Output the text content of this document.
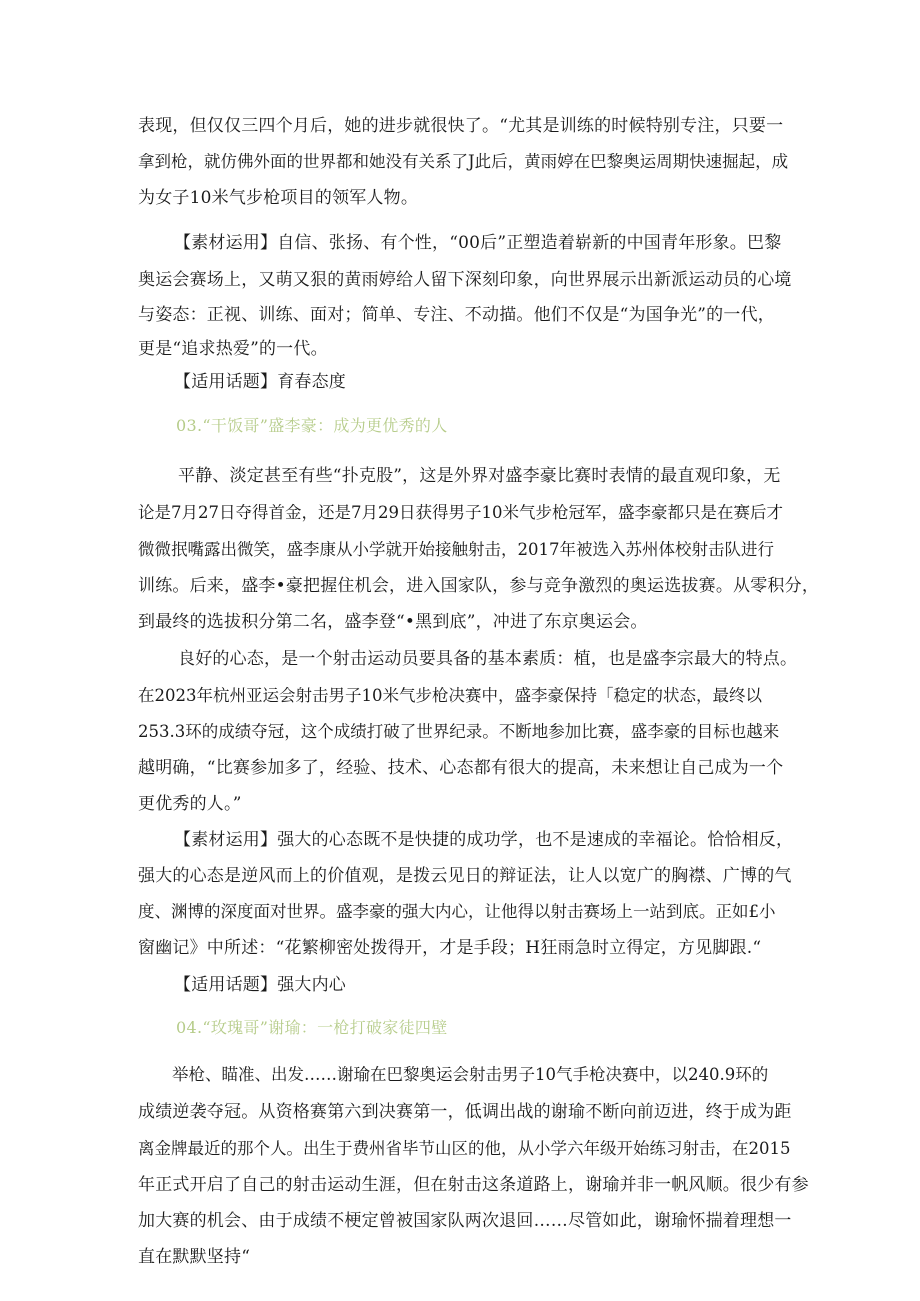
表现，但仅仅三四个月后，她的进步就很快了。“尤其是训练的时候特别专注，只要一
拿到枪，就仿佛外面的世界都和她没有关系了J此后，黄雨婷在巴黎奥运周期快速掘起，成
为女子10米气步枪项目的领军人物。
【素材运用】自信、张扬、有个性，“00后”正塑造着崭新的中国青年形象。巴黎
奥运会赛场上，又萌又狠的黄雨婷给人留下深刻印象，向世界展示出新派运动员的心境
与姿态：正视、训练、面对；简单、专注、不动描。他们不仅是“为国争光”的一代，
更是“追求热爱”的一代。
【适用话题】育春态度
03.“干饭哥”盛李豪：成为更优秀的人
平静、淡定甚至有些“扑克股”，这是外界对盛李豪比赛时表情的最直观印象，无
论是7月27日夺得首金，还是7月29日获得男子10米气步枪冠军，盛李豪都只是在赛后才
微微抿嘴露出微笑，盛李康从小学就开始接触射击，2017年被选入苏州体校射击队进行
训练。后来，盛李•豪把握住机会，进入国家队，参与竞争激烈的奥运选拔赛。从零积分，
到最终的选拔积分第二名，盛李登“•黑到底”，冲进了东京奥运会。
良好的心态，是一个射击运动员要具备的基本素质：植，也是盛李宗最大的特点。
在2023年杭州亚运会射击男子10米气步枪决赛中，盛李豪保持「稳定的状态，最终以
253.3环的成绩夺冠，这个成绩打破了世界纪录。不断地参加比赛，盛李豪的目标也越来
越明确，“比赛参加多了，经验、技术、心态都有很大的提高，未来想让自己成为一个
更优秀的人。”
【素材运用】强大的心态既不是快捷的成功学，也不是速成的幸福论。恰恰相反，
强大的心态是逆风而上的价值观，是拨云见日的辩证法，让人以宽广的胸襟、广博的气
度、渊博的深度面对世界。盛李豪的强大内心，让他得以射击赛场上一站到底。正如£小
窗幽记》中所述：“花繁柳密处拨得开，才是手段；H狂雨急时立得定，方见脚跟.“
【适用话题】强大内心
04.“玫瑰哥”谢瑜：一枪打破家徒四壁
举枪、瞄准、出发……谢瑜在巴黎奥运会射击男子10气手枪决赛中，以240.9环的
成绩逆袭夺冠。从资格赛第六到决赛第一，低调出战的谢瑜不断向前迈进，终于成为距
离金牌最近的那个人。出生于费州省毕节山区的他，从小学六年级开始练习射击，在2015
年正式开启了自己的射击运动生涯，但在射击这条道路上，谢瑜并非一帆风顺。很少有参
加大赛的机会、由于成绩不梗定曾被国家队两次退回……尽管如此，谢瑜怀揣着理想一
直在默默坚持“
